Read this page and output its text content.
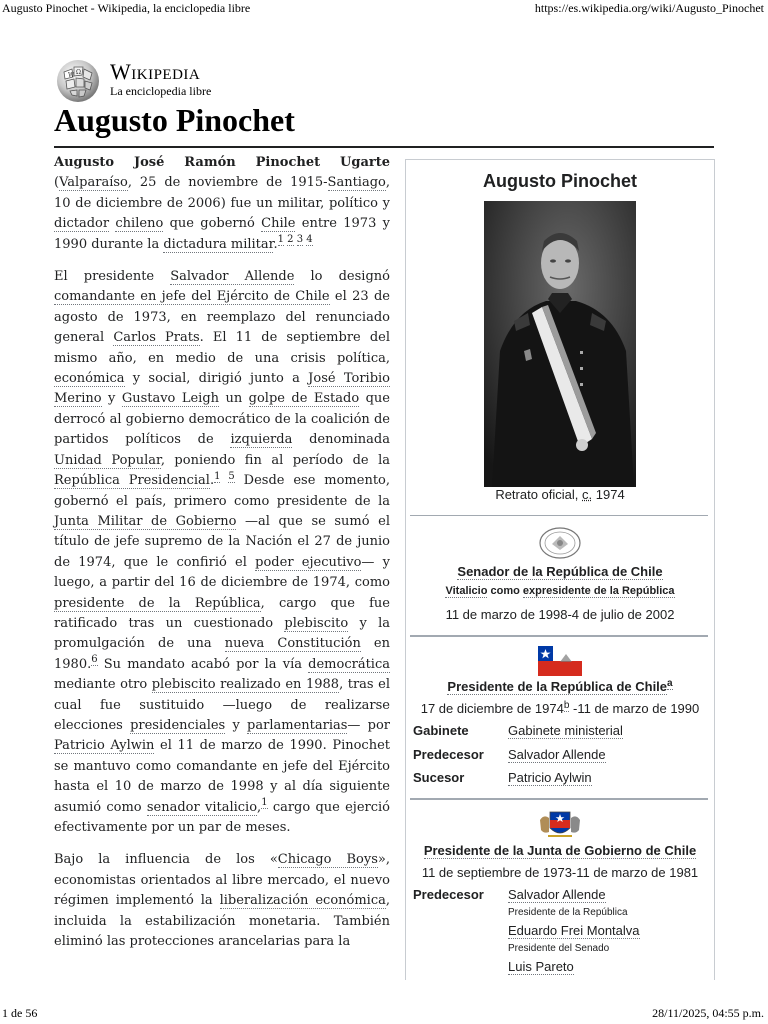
Augusto Pinochet - Wikipedia, la enciclopedia libre	https://es.wikipedia.org/wiki/Augusto_Pinochet
W Ω Wikipedia
La enciclopedia libre
Augusto Pinochet

Augusto José Ramón Pinochet Ugarte (Valparaíso, 25 de noviembre de 1915-Santiago, 10 de diciembre de 2006) fue un militar, político y dictador chileno que gobernó Chile entre 1973 y 1990 durante la dictadura militar.$^{1 2 3 4}$

El presidente Salvador Allende lo designó comandante en jefe del Ejército de Chile el 23 de agosto de 1973, en reemplazo del renunciado general Carlos Prats. El 11 de septiembre del mismo año, en medio de una crisis política, económica y social, dirigió junto a José Toribio Merino y Gustavo Leigh un golpe de Estado que derrocó al gobierno democrático de la coalición de partidos políticos de izquierda denominada Unidad Popular, poniendo fin al período de la República Presidencial.$^{1 5}$ Desde ese momento, gobernó el país, primero como presidente de la Junta Militar de Gobierno —al que se sumó el título de jefe supremo de la Nación el 27 de junio de 1974, que le confirió el poder ejecutivo— y luego, a partir del 16 de diciembre de 1974, como presidente de la República, cargo que fue ratificado tras un cuestionado plebiscito y la promulgación de una nueva Constitución en 1980.$^6$ Su mandato acabó por la vía democrática mediante otro plebiscito realizado en 1988, tras el cual fue sustituido —luego de realizarse elecciones presidenciales y parlamentarias— por Patricio Aylwin el 11 de marzo de 1990. Pinochet se mantuvo como comandante en jefe del Ejército hasta el 10 de marzo de 1998 y al día siguiente asumió como senador vitalicio,$^1$ cargo que ejerció efectivamente por un par de meses.

Bajo la influencia de los «Chicago Boys», economistas orientados al libre mercado, el nuevo régimen implementó la liberalización económica, incluida la estabilización monetaria. También eliminó las protecciones arancelarias para la

Augusto Pinochet
Retrato oficial, c. 1974
Senador de la República de Chile
Vitalicio como expresidente de la República
11 de marzo de 1998-4 de julio de 2002
Presidente de la República de Chile$^a$
17 de diciembre de 1974$^b$ -11 de marzo de 1990
Gabinete	Gabinete ministerial
Predecesor Salvador Allende
Sucesor	Patricio Aylwin
Presidente de la Junta de Gobierno de Chile
11 de septiembre de 1973-11 de marzo de 1981
Predecesor Salvador Allende
Presidente de la República
Eduardo Frei Montalva
Presidente del Senado
Luis Pareto
1 de 56	28/11/2025, 04:55 p.m.
